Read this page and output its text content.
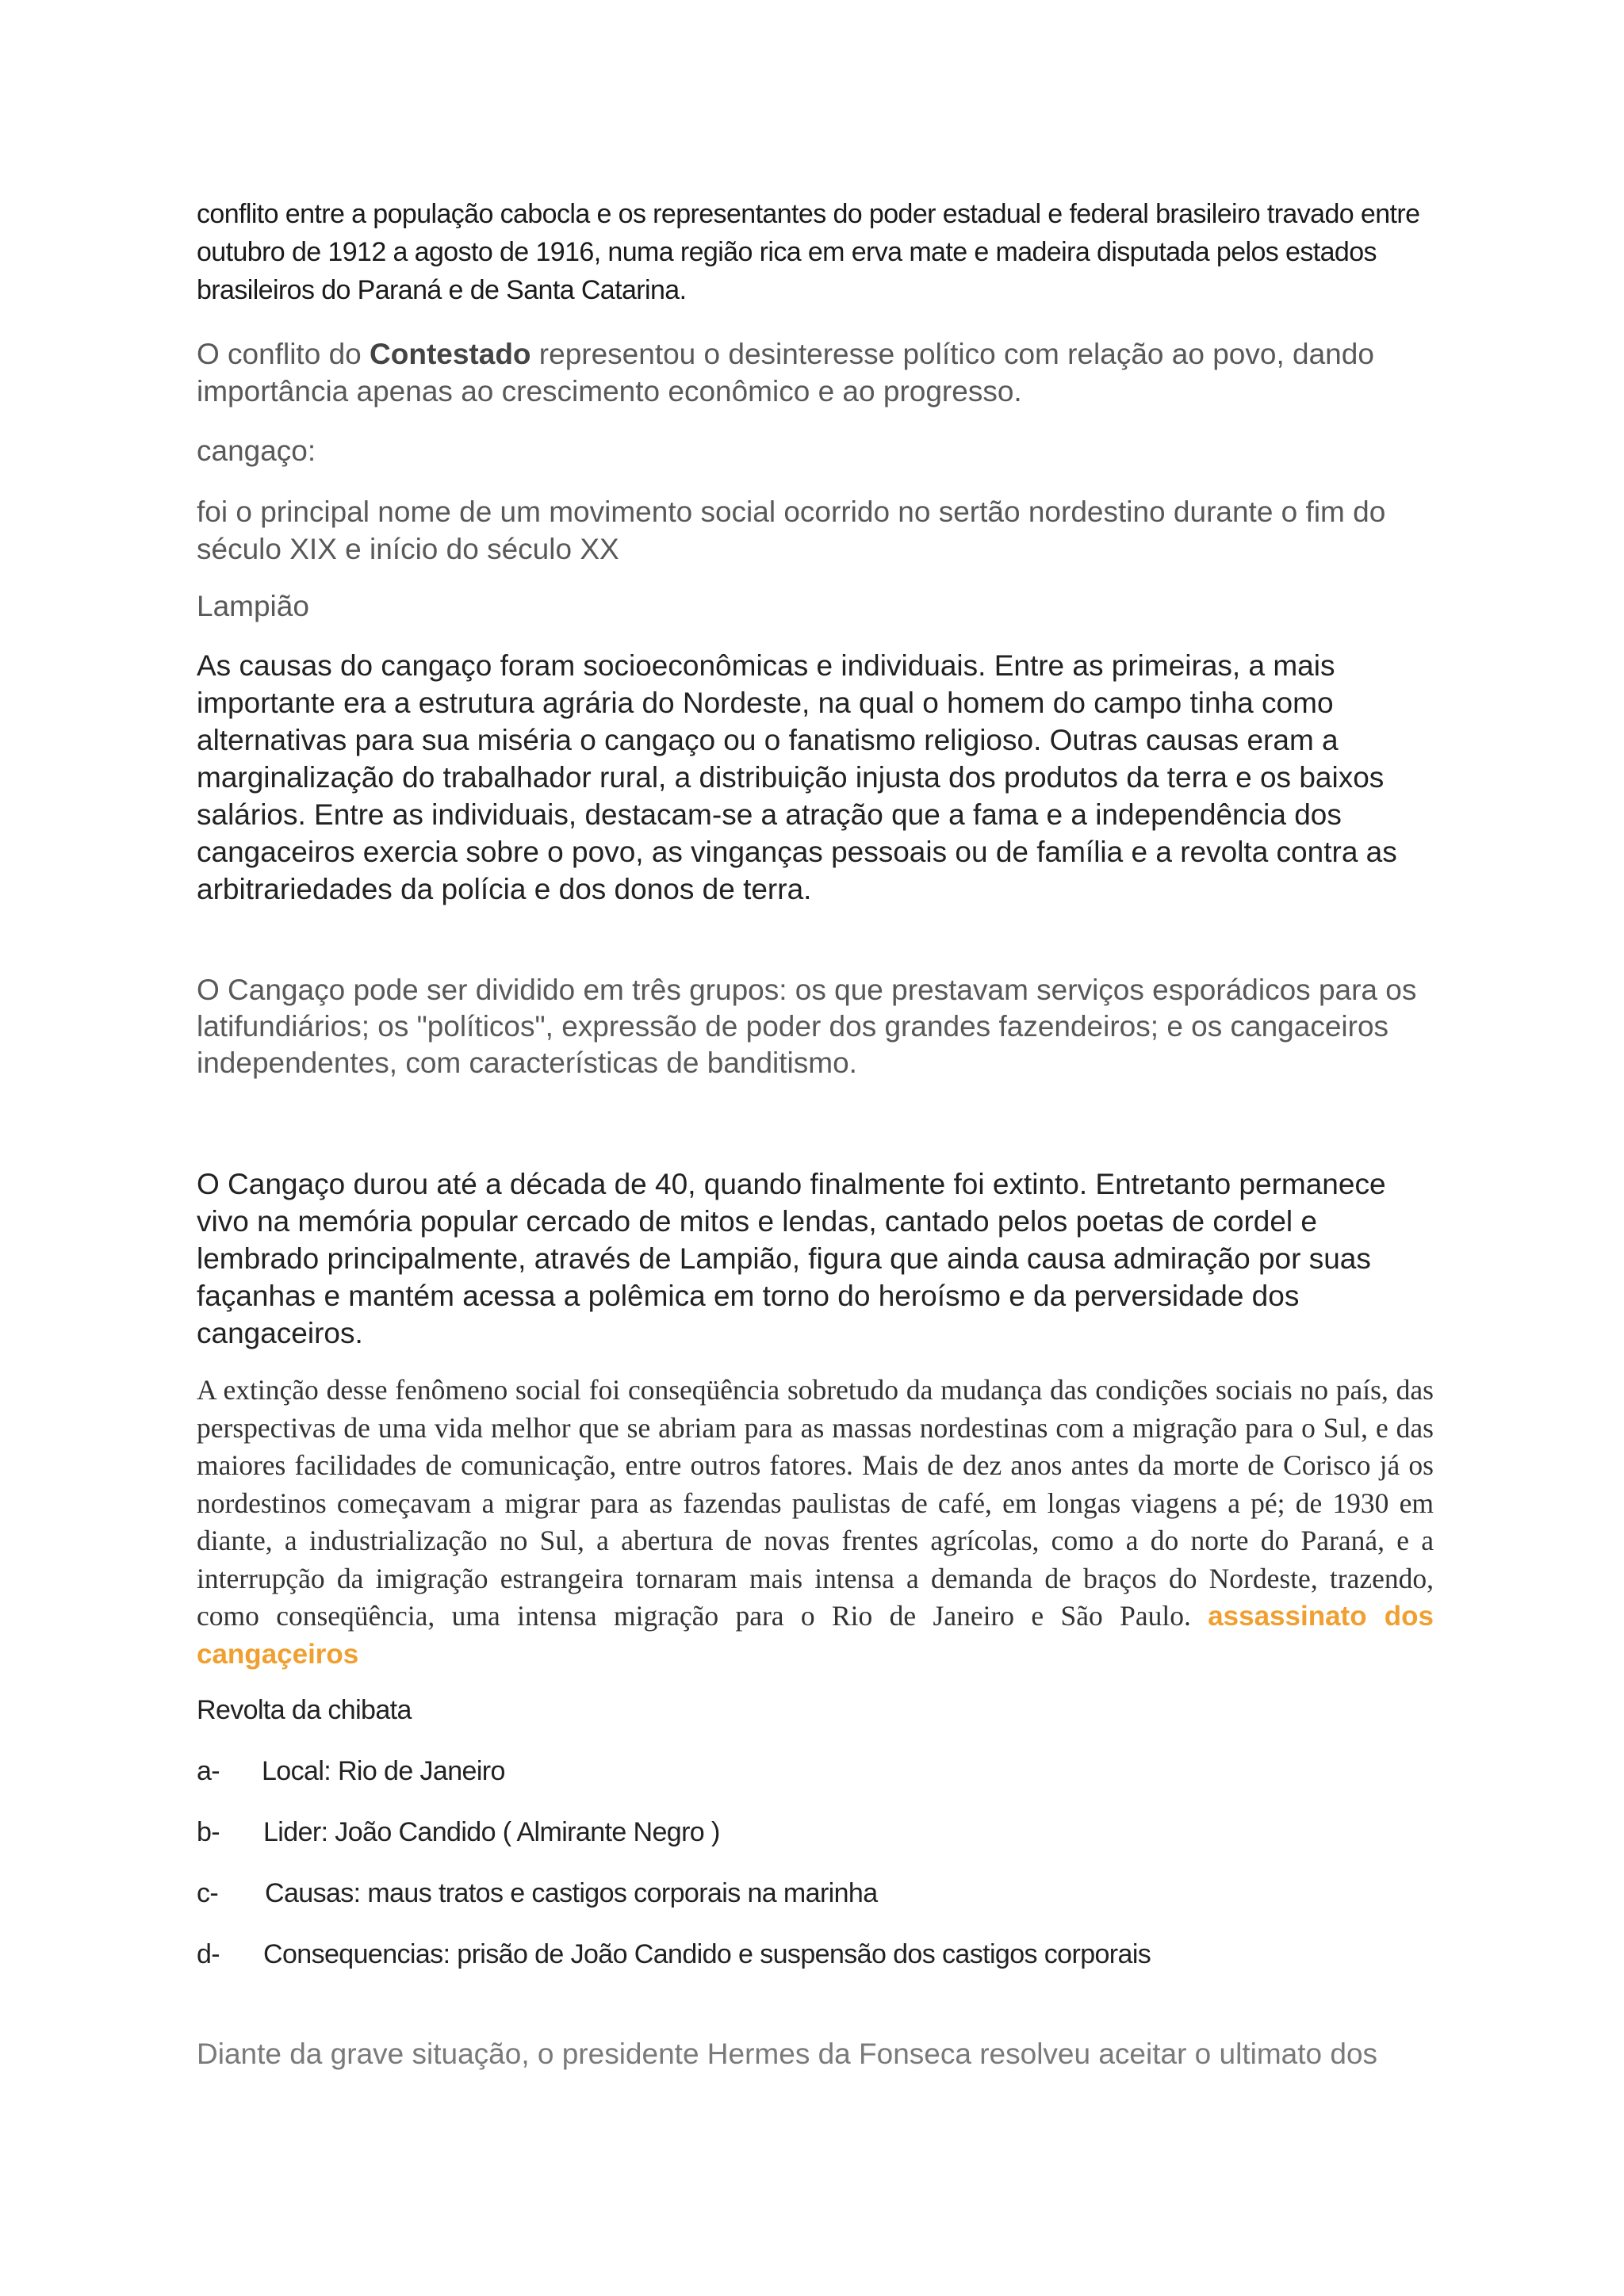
conflito entre a população cabocla e os representantes do poder estadual e federal brasileiro travado entre outubro de 1912 a agosto de 1916, numa região rica em erva mate e madeira disputada pelos estados brasileiros do Paraná e de Santa Catarina.

O conflito do Contestado representou o desinteresse político com relação ao povo, dando importância apenas ao crescimento econômico e ao progresso.

cangaço:

foi o principal nome de um movimento social ocorrido no sertão nordestino durante o fim do século XIX e início do século XX

Lampião

As causas do cangaço foram socioeconômicas e individuais. Entre as primeiras, a mais importante era a estrutura agrária do Nordeste, na qual o homem do campo tinha como alternativas para sua miséria o cangaço ou o fanatismo religioso. Outras causas eram a marginalização do trabalhador rural, a distribuição injusta dos produtos da terra e os baixos salários. Entre as individuais, destacam-se a atração que a fama e a independência dos cangaceiros exercia sobre o povo, as vinganças pessoais ou de família e a revolta contra as arbitrariedades da polícia e dos donos de terra.

O Cangaço pode ser dividido em três grupos: os que prestavam serviços esporádicos para os latifundiários; os "políticos", expressão de poder dos grandes fazendeiros; e os cangaceiros independentes, com características de banditismo.

O Cangaço durou até a década de 40, quando finalmente foi extinto. Entretanto permanece vivo na memória popular cercado de mitos e lendas, cantado pelos poetas de cordel e lembrado principalmente, através de Lampião, figura que ainda causa admiração por suas façanhas e mantém acessa a polêmica em torno do heroísmo e da perversidade dos cangaceiros.

A extinção desse fenômeno social foi conseqüência sobretudo da mudança das condições sociais no país, das perspectivas de uma vida melhor que se abriam para as massas nordestinas com a migração para o Sul, e das maiores facilidades de comunicação, entre outros fatores. Mais de dez anos antes da morte de Corisco já os nordestinos começavam a migrar para as fazendas paulistas de café, em longas viagens a pé; de 1930 em diante, a industrialização no Sul, a abertura de novas frentes agrícolas, como a do norte do Paraná, e a interrupção da imigração estrangeira tornaram mais intensa a demanda de braços do Nordeste, trazendo, como conseqüência, uma intensa migração para o Rio de Janeiro e São Paulo. assassinato dos cangaçeiros

Revolta da chibata

a- Local: Rio de Janeiro
b- Lider: João Candido ( Almirante Negro )
c- Causas: maus tratos e castigos corporais na marinha
d- Consequencias: prisão de João Candido e suspensão dos castigos corporais

Diante da grave situação, o presidente Hermes da Fonseca resolveu aceitar o ultimato dos
